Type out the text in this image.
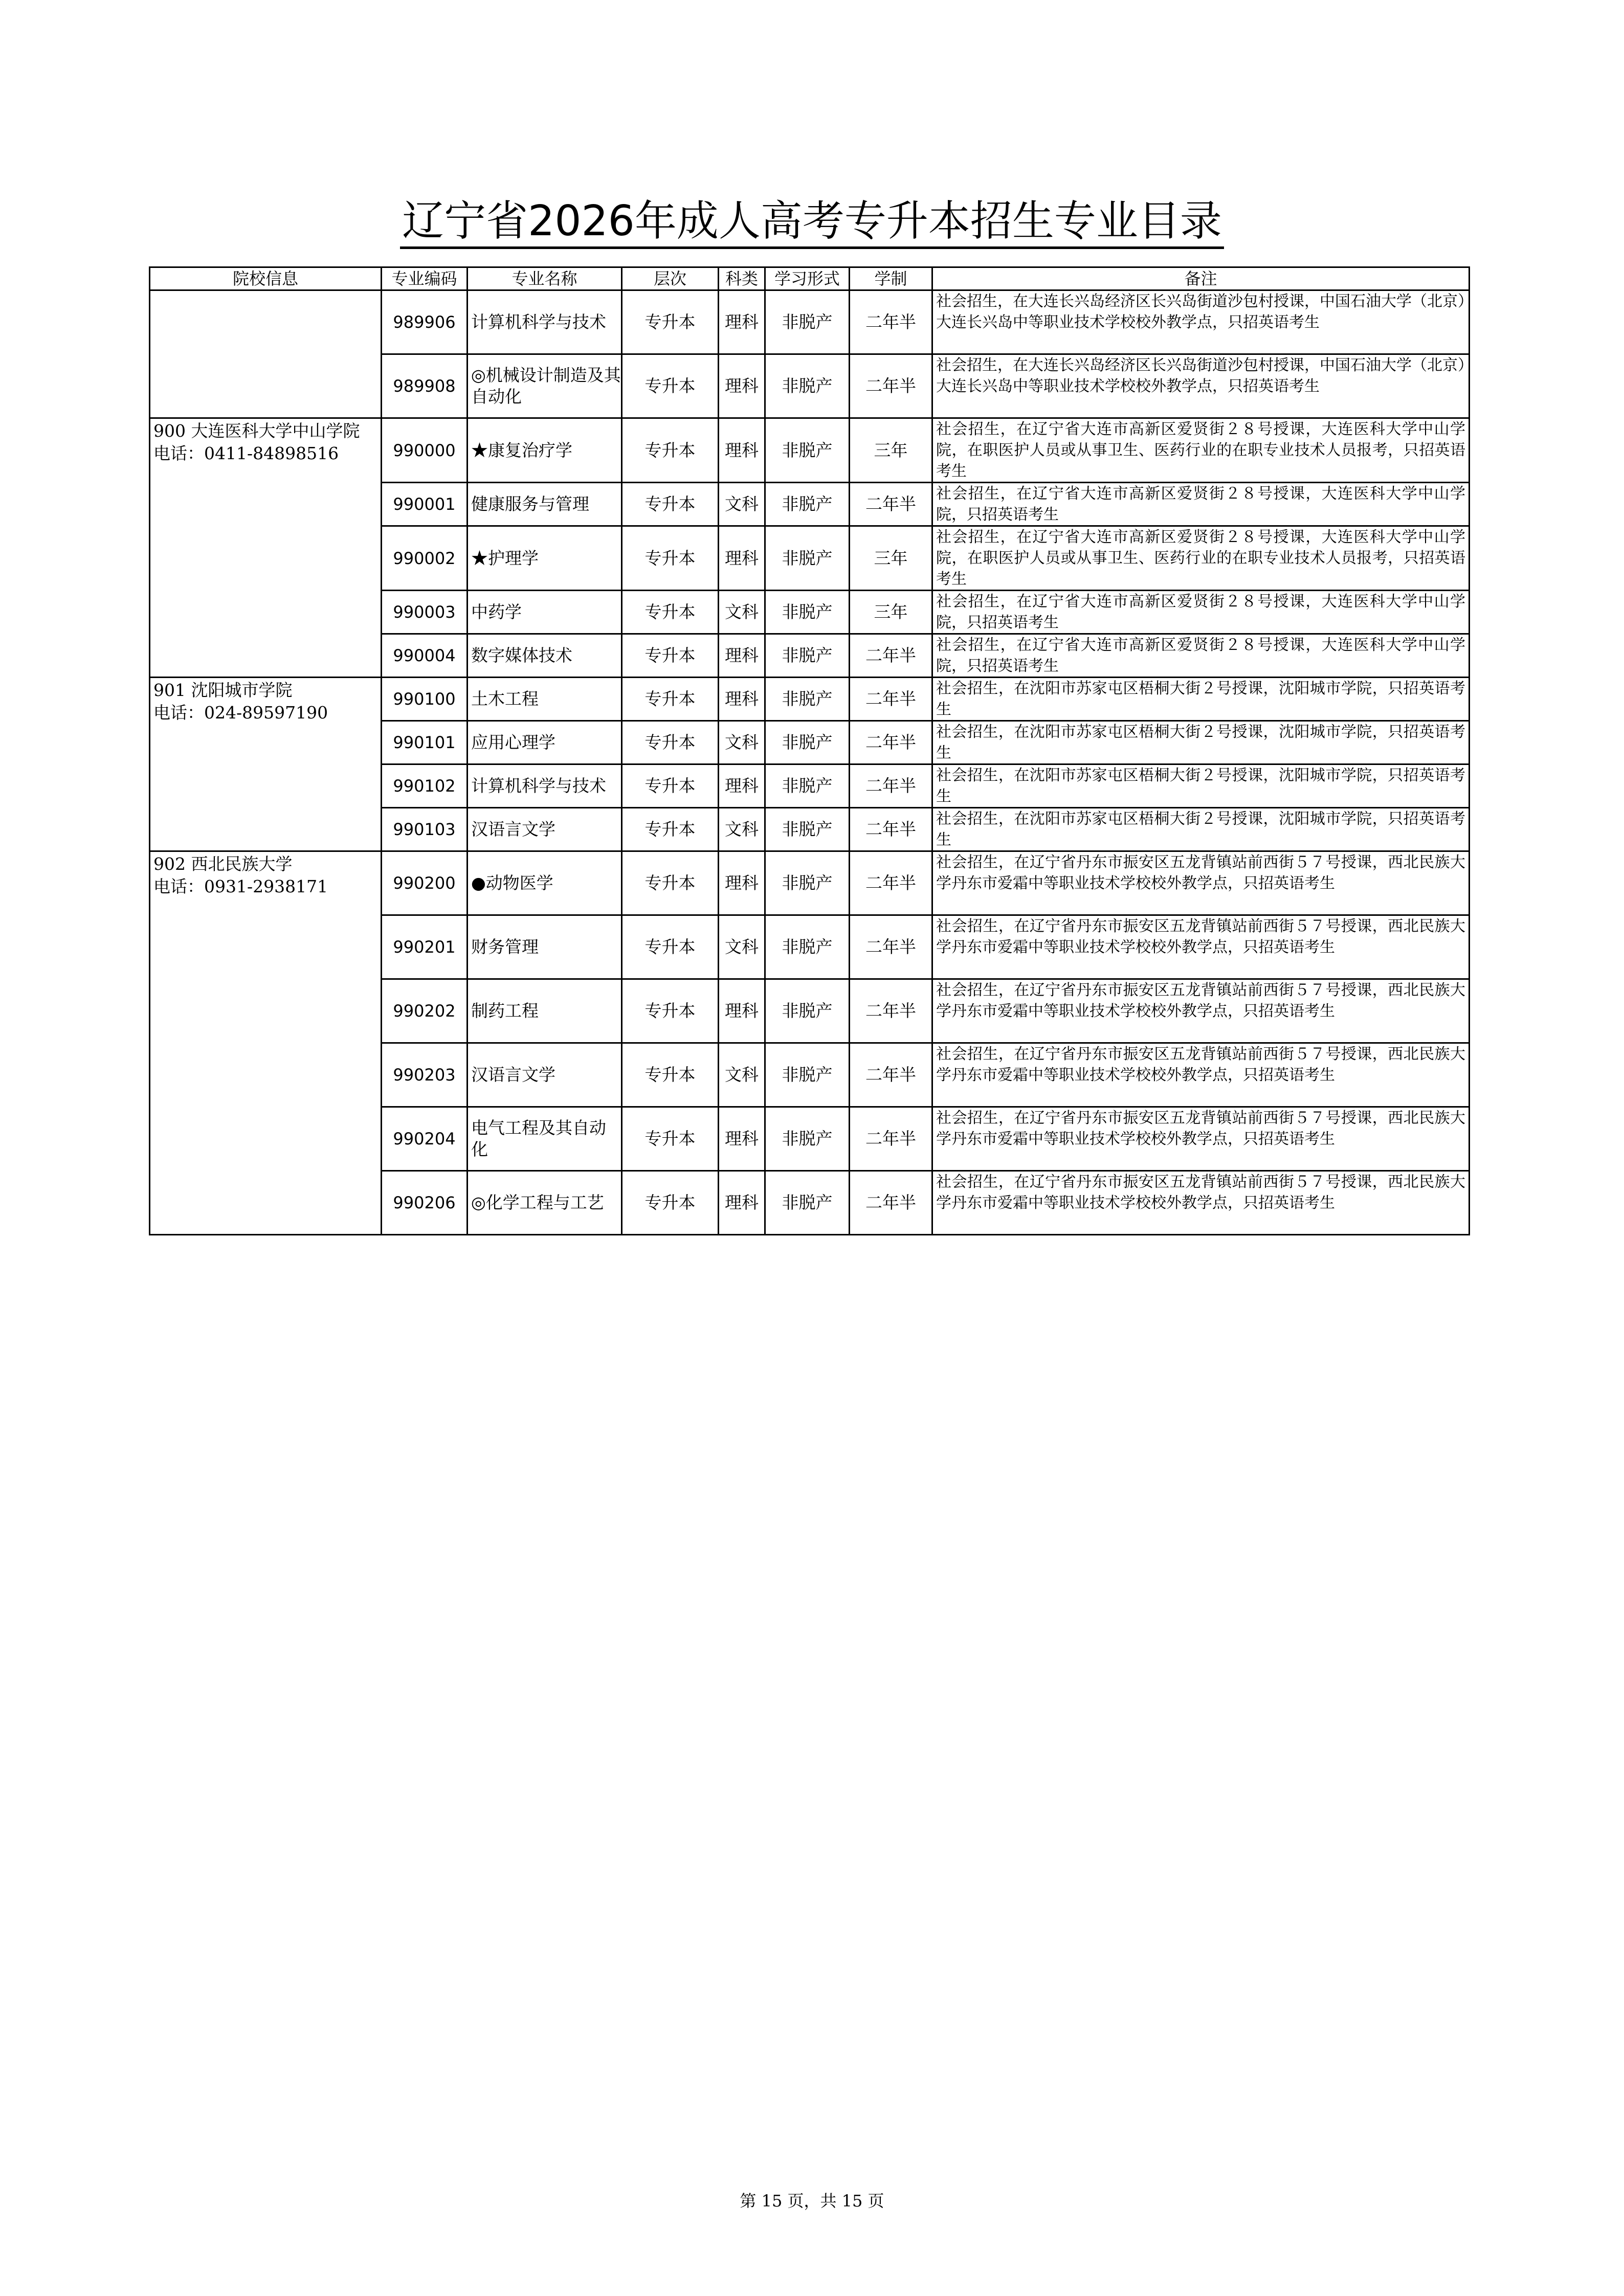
辽宁省2026年成人高考专升本招生专业目录
院校信息	专业编码	专业名称	层次	科类	学习形式	学制	备注

	989906	计算机科学与技术	专升本	理科	非脱产	二年半	社会招生，在大连长兴岛经济区长兴岛街道沙包村授课，中国石油大学（北京）大连长兴岛中等职业技术学校校外教学点，只招英语考生

	989908	◎机械设计制造及其自动化	专升本	理科	非脱产	二年半	社会招生，在大连长兴岛经济区长兴岛街道沙包村授课，中国石油大学（北京）大连长兴岛中等职业技术学校校外教学点，只招英语考生

900 大连医科大学中山学院
电话：0411-84898516	990000	★康复治疗学	专升本	理科	非脱产	三年	社会招生，在辽宁省大连市高新区爱贤街２８号授课，大连医科大学中山学院，在职医护人员或从事卫生、医药行业的在职专业技术人员报考，只招英语考生

	990001	健康服务与管理	专升本	文科	非脱产	二年半	社会招生，在辽宁省大连市高新区爱贤街２８号授课，大连医科大学中山学院，只招英语考生

	990002	★护理学	专升本	理科	非脱产	三年	社会招生，在辽宁省大连市高新区爱贤街２８号授课，大连医科大学中山学院，在职医护人员或从事卫生、医药行业的在职专业技术人员报考，只招英语考生

	990003	中药学	专升本	文科	非脱产	三年	社会招生，在辽宁省大连市高新区爱贤街２８号授课，大连医科大学中山学院，只招英语考生

	990004	数字媒体技术	专升本	理科	非脱产	二年半	社会招生，在辽宁省大连市高新区爱贤街２８号授课，大连医科大学中山学院，只招英语考生

901 沈阳城市学院
电话：024-89597190	990100	土木工程	专升本	理科	非脱产	二年半	社会招生，在沈阳市苏家屯区梧桐大街２号授课，沈阳城市学院，只招英语考生

	990101	应用心理学	专升本	文科	非脱产	二年半	社会招生，在沈阳市苏家屯区梧桐大街２号授课，沈阳城市学院，只招英语考生

	990102	计算机科学与技术	专升本	理科	非脱产	二年半	社会招生，在沈阳市苏家屯区梧桐大街２号授课，沈阳城市学院，只招英语考生

	990103	汉语言文学	专升本	文科	非脱产	二年半	社会招生，在沈阳市苏家屯区梧桐大街２号授课，沈阳城市学院，只招英语考生

902 西北民族大学
电话：0931-2938171	990200	●动物医学	专升本	理科	非脱产	二年半	社会招生，在辽宁省丹东市振安区五龙背镇站前西街５７号授课，西北民族大学丹东市爱霜中等职业技术学校校外教学点，只招英语考生

	990201	财务管理	专升本	文科	非脱产	二年半	社会招生，在辽宁省丹东市振安区五龙背镇站前西街５７号授课，西北民族大学丹东市爱霜中等职业技术学校校外教学点，只招英语考生

	990202	制药工程	专升本	理科	非脱产	二年半	社会招生，在辽宁省丹东市振安区五龙背镇站前西街５７号授课，西北民族大学丹东市爱霜中等职业技术学校校外教学点，只招英语考生

	990203	汉语言文学	专升本	文科	非脱产	二年半	社会招生，在辽宁省丹东市振安区五龙背镇站前西街５７号授课，西北民族大学丹东市爱霜中等职业技术学校校外教学点，只招英语考生

	990204	电气工程及其自动化	专升本	理科	非脱产	二年半	社会招生，在辽宁省丹东市振安区五龙背镇站前西街５７号授课，西北民族大学丹东市爱霜中等职业技术学校校外教学点，只招英语考生

	990206	◎化学工程与工艺	专升本	理科	非脱产	二年半	社会招生，在辽宁省丹东市振安区五龙背镇站前西街５７号授课，西北民族大学丹东市爱霜中等职业技术学校校外教学点，只招英语考生
第 15 页，共 15 页
